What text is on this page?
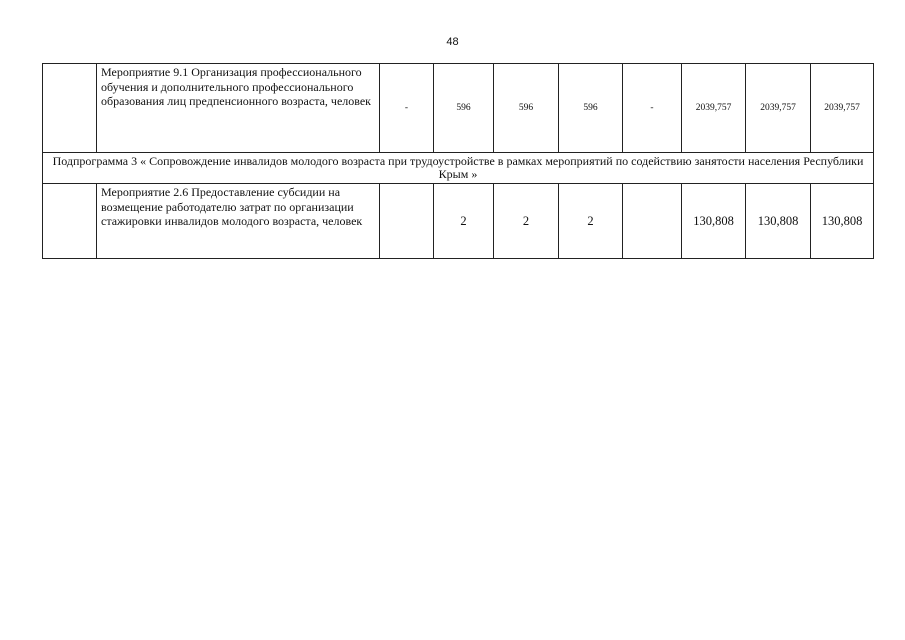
48
	Мероприятие 9.1 Организация профессионального обучения и дополнительного профессионального образования лиц предпенсионного возраста, человек	-	596	596	596	-	2039,757	2039,757	2039,757
Подпрограмма 3 « Сопровождение инвалидов молодого возраста при трудоустройстве в рамках мероприятий по содействию занятости населения Республики Крым »									
	Мероприятие 2.6 Предоставление субсидии на возмещение работодателю затрат по организации стажировки инвалидов молодого возраста, человек		2	2	2		130,808	130,808	130,808
